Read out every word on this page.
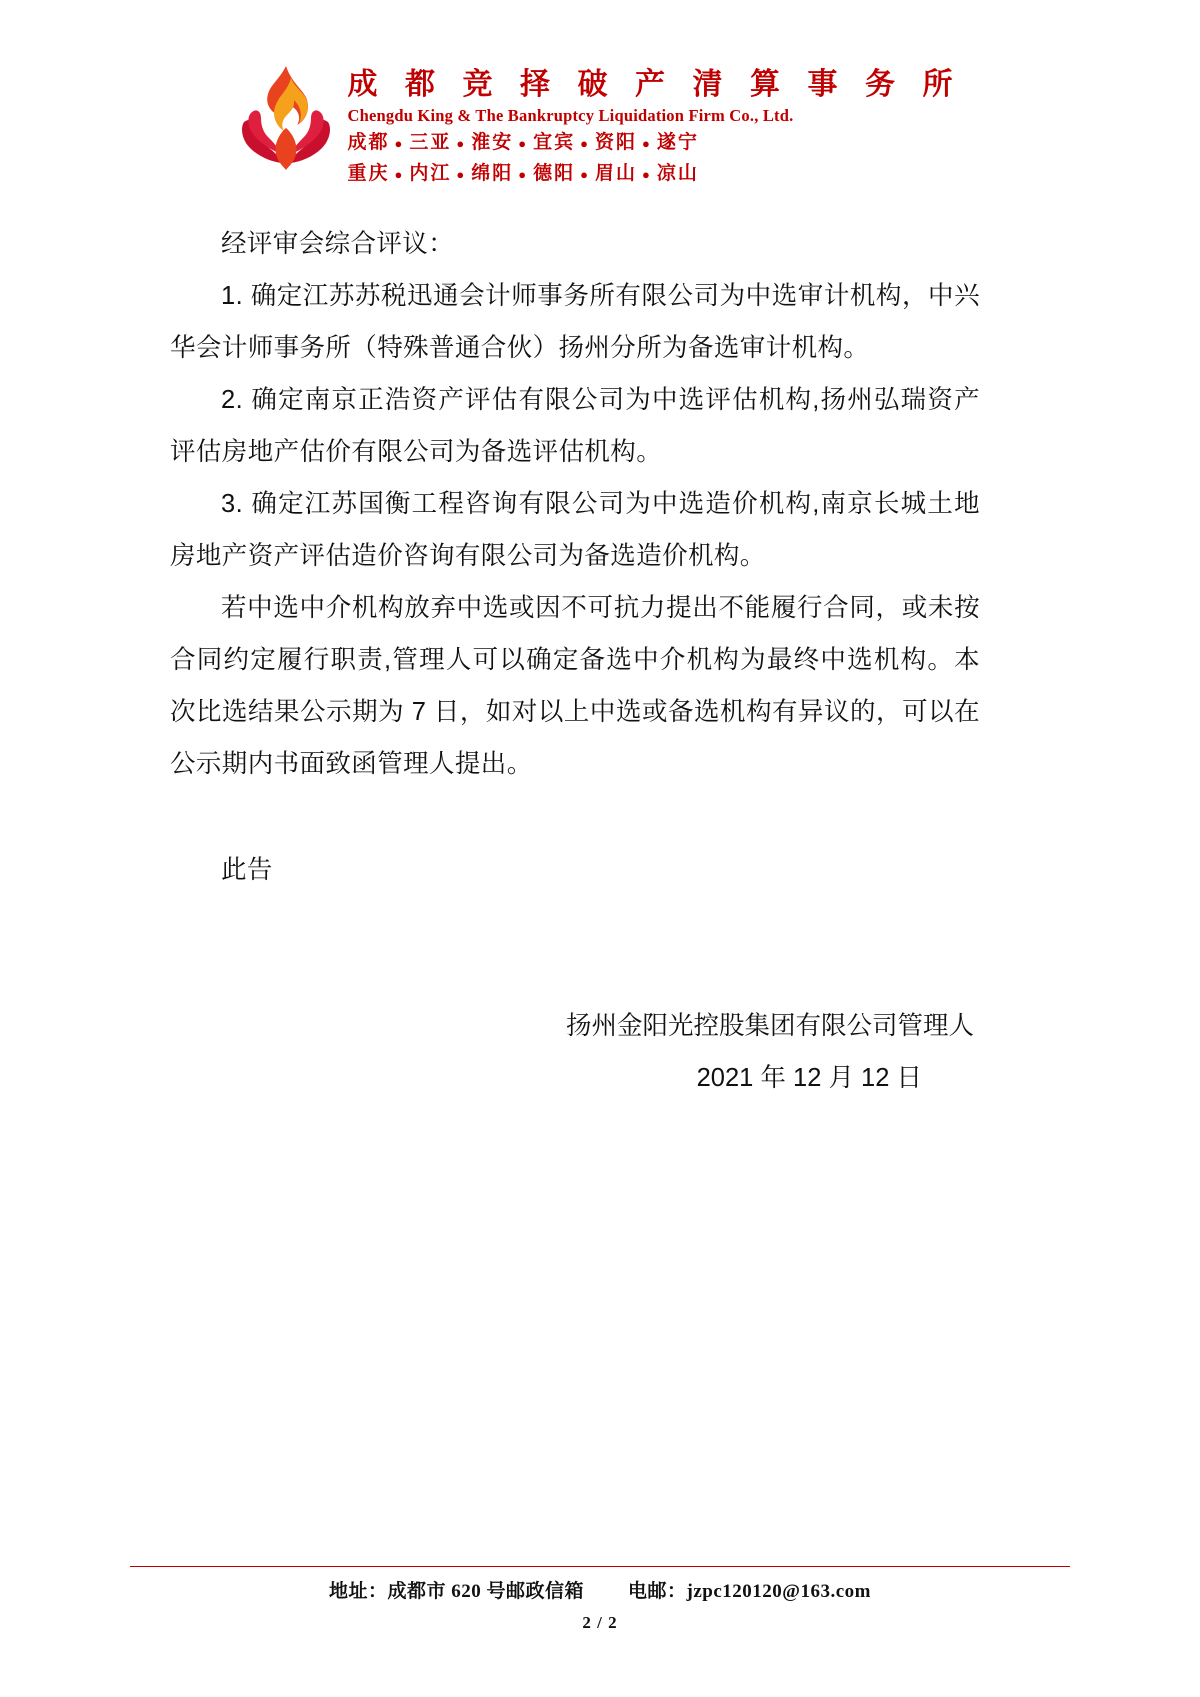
成 都 竞 择 破 产 清 算 事 务 所
Chengdu King & The Bankruptcy Liquidation Firm Co., Ltd.
成都 ● 三亚 ● 淮安 ● 宜宾 ● 资阳 ● 遂宁
重庆 ● 内江 ● 绵阳 ● 德阳 ● 眉山 ● 凉山

经评审会综合评议：

1. 确定江苏苏税迅通会计师事务所有限公司为中选审计机构，中兴华会计师事务所（特殊普通合伙）扬州分所为备选审计机构。

2. 确定南京正浩资产评估有限公司为中选评估机构,扬州弘瑞资产评估房地产估价有限公司为备选评估机构。

3. 确定江苏国衡工程咨询有限公司为中选造价机构,南京长城土地房地产资产评估造价咨询有限公司为备选造价机构。

若中选中介机构放弃中选或因不可抗力提出不能履行合同，或未按合同约定履行职责,管理人可以确定备选中介机构为最终中选机构。本次比选结果公示期为 7 日，如对以上中选或备选机构有异议的，可以在公示期内书面致函管理人提出。

此告

扬州金阳光控股集团有限公司管理人
2021 年 12 月 12 日
地址：成都市 620 号邮政信箱 电邮：jzpc120120@163.com
2 / 2
